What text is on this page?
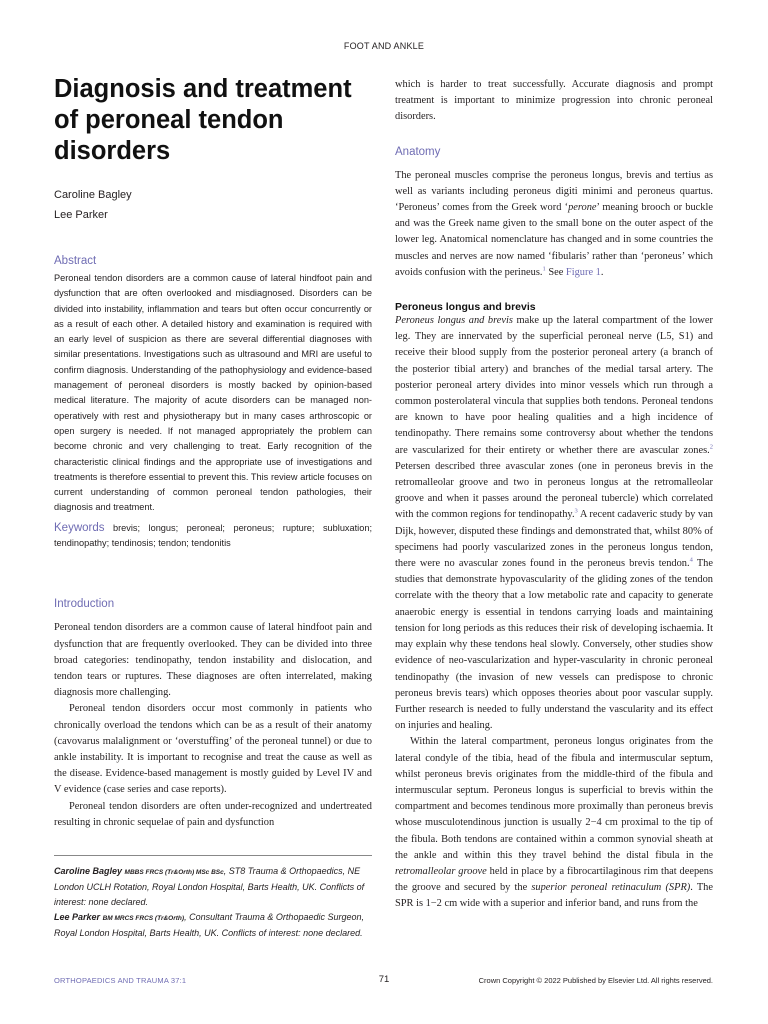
FOOT AND ANKLE
Diagnosis and treatment of peroneal tendon disorders

Caroline Bagley

Lee Parker

Abstract

Peroneal tendon disorders are a common cause of lateral hindfoot pain and dysfunction that are often overlooked and misdiagnosed. Disorders can be divided into instability, inflammation and tears but often occur concurrently or as a result of each other. A detailed history and examination is required with an early level of suspicion as there are several differential diagnoses with similar presentations. Investigations such as ultrasound and MRI are useful to confirm diagnosis. Understanding of the pathophysiology and evidence-based management of peroneal disorders is mostly backed by opinion-based medical literature. The majority of acute disorders can be managed non-operatively with rest and physiotherapy but in many cases arthroscopic or open surgery is needed. If not managed appropriately the problem can become chronic and very challenging to treat. Early recognition of the characteristic clinical findings and the appropriate use of investigations and treatments is therefore essential to prevent this. This review article focuses on current understanding of common peroneal tendon pathologies, their diagnosis and treatment.

Keywords brevis; longus; peroneal; peroneus; rupture; subluxation; tendinopathy; tendinosis; tendon; tendonitis

Introduction

Peroneal tendon disorders are a common cause of lateral hindfoot pain and dysfunction that are frequently overlooked. They can be divided into three broad categories: tendinopathy, tendon instability and dislocation, and tendon tears or ruptures. These diagnoses are often interrelated, making diagnosis more challenging.

Peroneal tendon disorders occur most commonly in patients who chronically overload the tendons which can be as a result of their anatomy (cavovarus malalignment or ‘overstuffing’ of the peroneal tunnel) or due to ankle instability. It is important to recognise and treat the cause as well as the disease. Evidence-based management is mostly guided by Level IV and V evidence (case series and case reports).

Peroneal tendon disorders are often under-recognized and undertreated resulting in chronic sequelae of pain and dysfunction

Caroline Bagley MBBS FRCS (Tr&Orth) MSc BSc, ST8 Trauma & Orthopaedics, NE London UCLH Rotation, Royal London Hospital, Barts Health, UK. Conflicts of interest: none declared.

Lee Parker BM MRCS FRCS (Tr&Orth), Consultant Trauma & Orthopaedic Surgeon, Royal London Hospital, Barts Health, UK. Conflicts of interest: none declared.

which is harder to treat successfully. Accurate diagnosis and prompt treatment is important to minimize progression into chronic peroneal disorders.

Anatomy

The peroneal muscles comprise the peroneus longus, brevis and tertius as well as variants including peroneus digiti minimi and peroneus quartus. ‘Peroneus’ comes from the Greek word ‘perone’ meaning brooch or buckle and was the Greek name given to the small bone on the outer aspect of the lower leg. Anatomical nomenclature has changed and in some countries the muscles and nerves are now named ‘fibularis’ rather than ‘peroneus’ which avoids confusion with the perineus.$^1$ See Figure 1.

Peroneus longus and brevis

Peroneus longus and brevis make up the lateral compartment of the lower leg. They are innervated by the superficial peroneal nerve (L5, S1) and receive their blood supply from the posterior peroneal artery (a branch of the posterior tibial artery) and branches of the medial tarsal artery. The posterior peroneal artery divides into minor vessels which run through a common posterolateral vincula that supplies both tendons. Peroneal tendons are known to have poor healing qualities and a high incidence of tendinopathy. There remains some controversy about whether the tendons are vascularized for their entirety or whether there are avascular zones.$^2$ Petersen described three avascular zones (one in peroneus brevis in the retromalleolar groove and two in peroneus longus at the retromalleolar groove and when it passes around the peroneal tubercle) which correlated with the common regions for tendinopathy.$^3$ A recent cadaveric study by van Dijk, however, disputed these findings and demonstrated that, whilst 80% of specimens had poorly vascularized zones in the peroneus longus tendon, there were no avascular zones found in the peroneus brevis tendon.$^4$ The studies that demonstrate hypovascularity of the gliding zones of the tendon correlate with the theory that a low metabolic rate and capacity to generate anaerobic energy is essential in tendons carrying loads and maintaining tension for long periods as this reduces their risk of developing ischaemia. It may explain why these tendons heal slowly. Conversely, other studies show evidence of neo-vascularization and hyper-vascularity in chronic peroneal tendinopathy (the invasion of new vessels can predispose to chronic peroneus brevis tears) which opposes theories about poor vascular supply. Further research is needed to fully understand the vascularity and its effect on injuries and healing.

Within the lateral compartment, peroneus longus originates from the lateral condyle of the tibia, head of the fibula and intermuscular septum, whilst peroneus brevis originates from the middle-third of the fibula and intermuscular septum. Peroneus longus is superficial to brevis within the compartment and becomes tendinous more proximally than peroneus brevis whose musculotendinous junction is usually 2−4 cm proximal to the tip of the fibula. Both tendons are contained within a common synovial sheath at the ankle and within this they travel behind the distal fibula in the retromalleolar groove held in place by a fibrocartilaginous rim that deepens the groove and secured by the superior peroneal retinaculum (SPR). The SPR is 1−2 cm wide with a superior and inferior band, and runs from the

ORTHOPAEDICS AND TRAUMA 37:1	71	Crown Copyright © 2022 Published by Elsevier Ltd. All rights reserved.
